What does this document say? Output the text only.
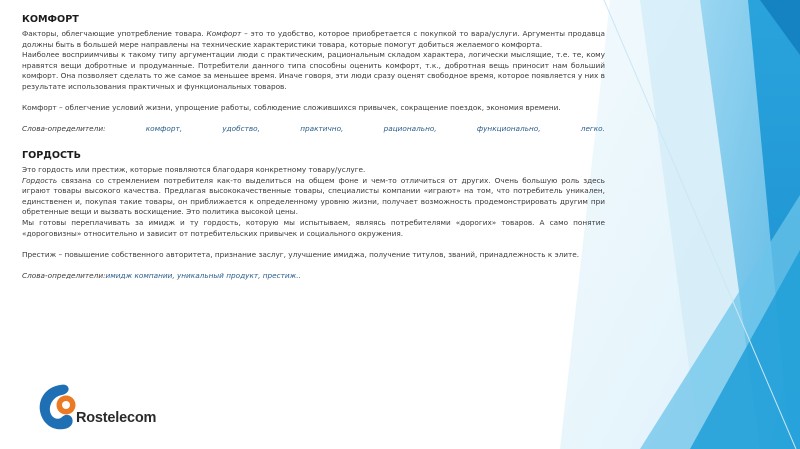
КОМФОРТ

Факторы, облегчающие употребление товара. Комфорт – это то удобство, которое приобретается с покупкой то вара/услуги. Аргументы продавца должны быть в большей мере направлены на технические характеристики товара, которые помогут добиться желаемого комфорта.

Наиболее восприимчивы к такому типу аргументации люди с практическим, рациональным складом характера, логически мыслящие, т.е. те, кому нравятся вещи добротные и продуманные. Потребители данного типа способны оценить комфорт, т.к., добротная вещь приносит нам больший комфорт. Она позволяет сделать то же самое за меньшее время. Иначе говоря, эти люди сразу оценят свободное время, которое появляется у них в результате использования практичных и функциональных товаров.

Комфорт – облегчение условий жизни, упрощение работы, соблюдение сложившихся привычек, сокращение поездок, экономия времени.

Слова-определители:	комфорт,	удобство,	практично,	рационально,	функционально,	легко.
ГОРДОСТЬ

Это гордость или престиж, которые появляются благодаря конкретному товару/услуге.

Гордость связана со стремлением потребителя как-то выделиться на общем фоне и чем-то отличиться от других. Очень большую роль здесь играют товары высокого качества. Предлагая высококачественные товары, специалисты компании «играют» на том, что потребитель уникален, единственен и, покупая такие товары, он приближается к определенному уровню жизни, получает возможность продемонстрировать другим при обретенные вещи и вызвать восхищение. Это политика высокой цены.

Мы готовы переплачивать за имидж и ту гордость, которую мы испытываем, являясь потребителями «дорогих» товаров. А само понятие «дороговизны» относительно и зависит от потребительских привычек и социального окружения.

Престиж – повышение собственного авторитета, признание заслуг, улучшение имиджа, получение титулов, званий, принадлежность к элите.

Слова-определители:имидж компании, уникальный продукт, престиж..

Rostelecom
